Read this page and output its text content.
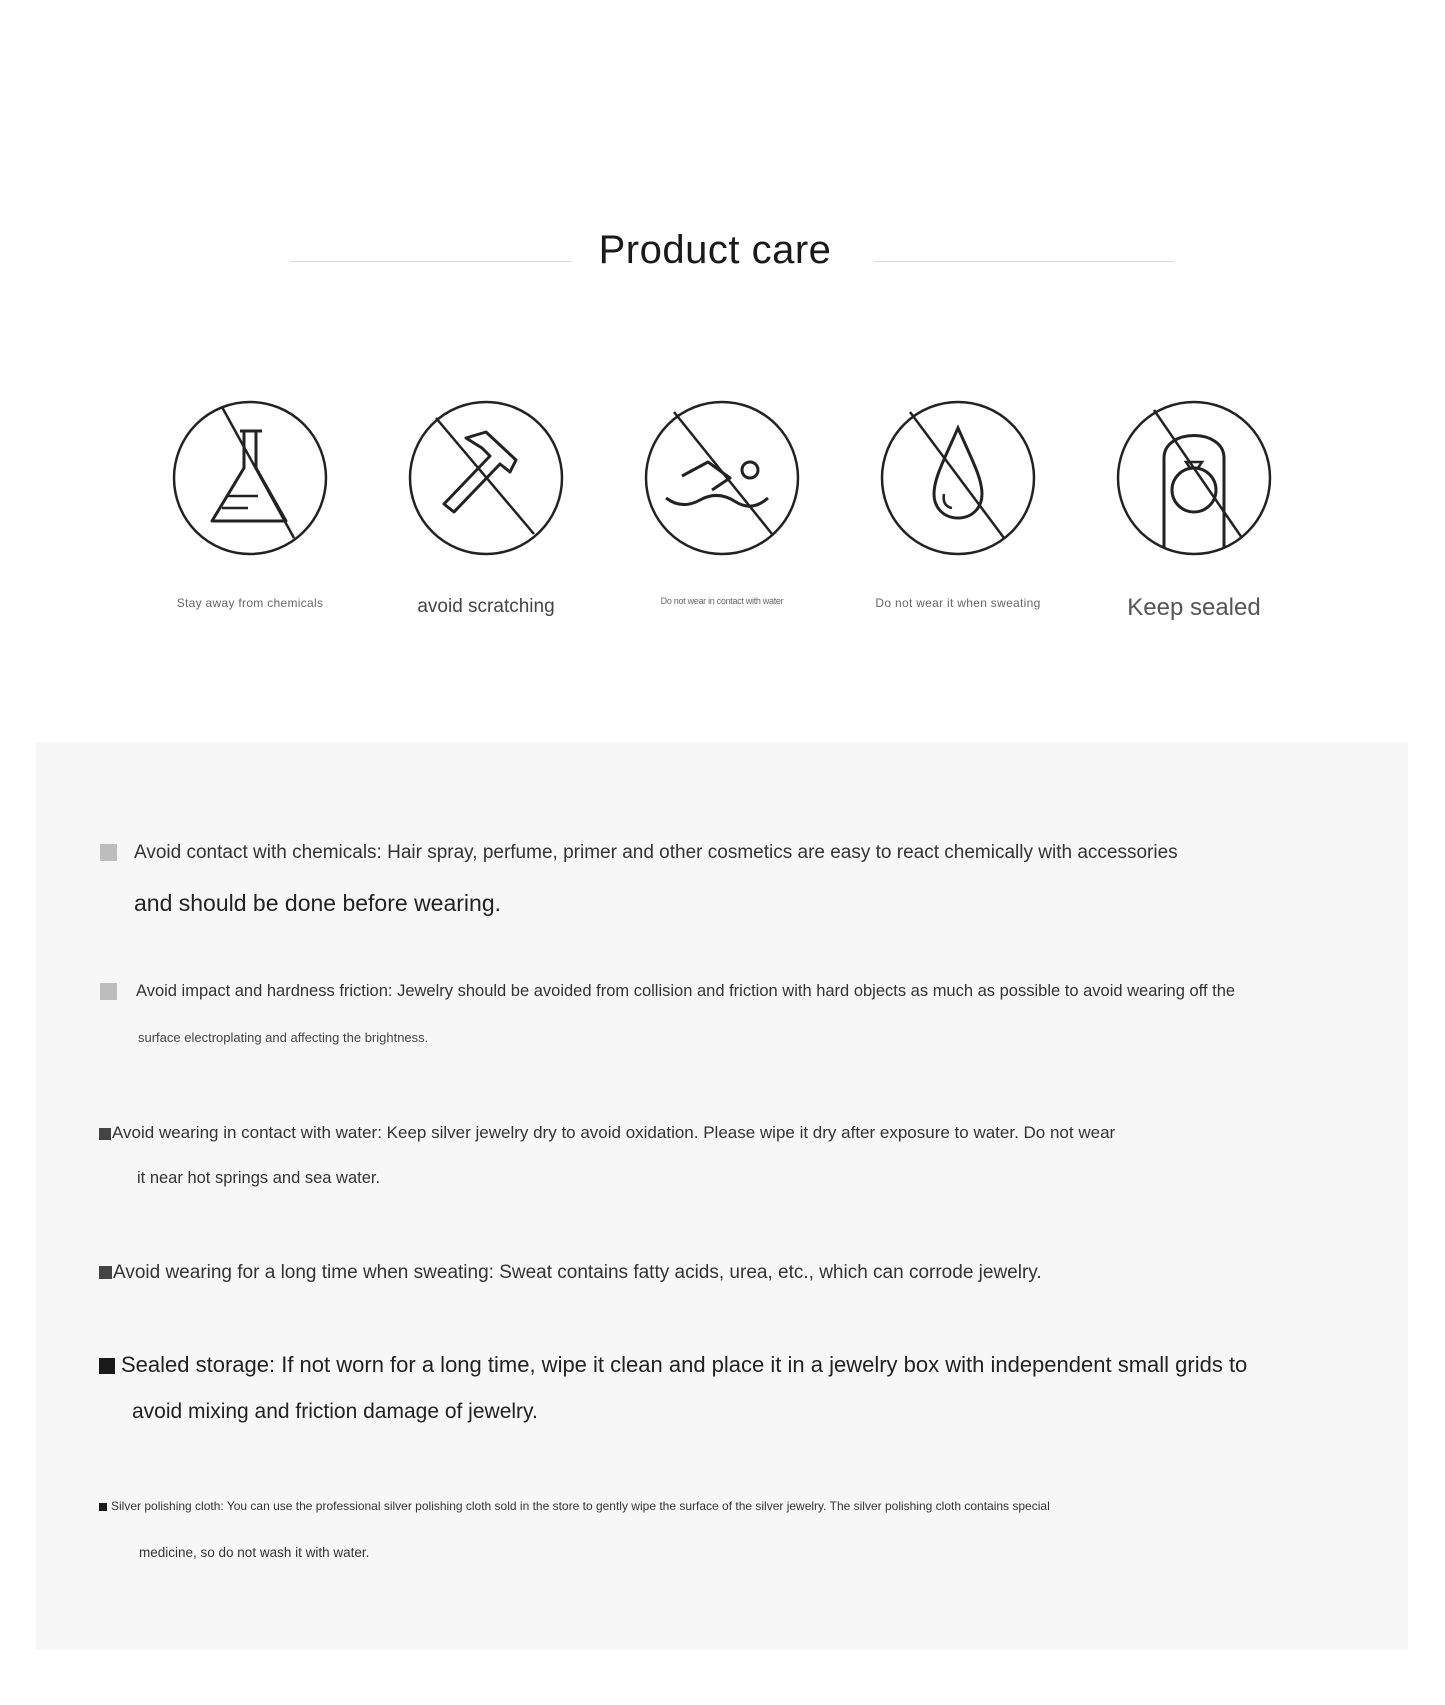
Product care
Stay away from chemicals	avoid scratching	Do not wear in contact with water	Do not wear it when sweating	Keep sealed
Avoid contact with chemicals: Hair spray, perfume, primer and other cosmetics are easy to react chemically with accessories
and should be done before wearing.
Avoid impact and hardness friction: Jewelry should be avoided from collision and friction with hard objects as much as possible to avoid wearing off the
surface electroplating and affecting the brightness.
Avoid wearing in contact with water: Keep silver jewelry dry to avoid oxidation. Please wipe it dry after exposure to water. Do not wear
it near hot springs and sea water.
Avoid wearing for a long time when sweating: Sweat contains fatty acids, urea, etc., which can corrode jewelry.
Sealed storage: If not worn for a long time, wipe it clean and place it in a jewelry box with independent small grids to
avoid mixing and friction damage of jewelry.
Silver polishing cloth: You can use the professional silver polishing cloth sold in the store to gently wipe the surface of the silver jewelry. The silver polishing cloth contains special
medicine, so do not wash it with water.
